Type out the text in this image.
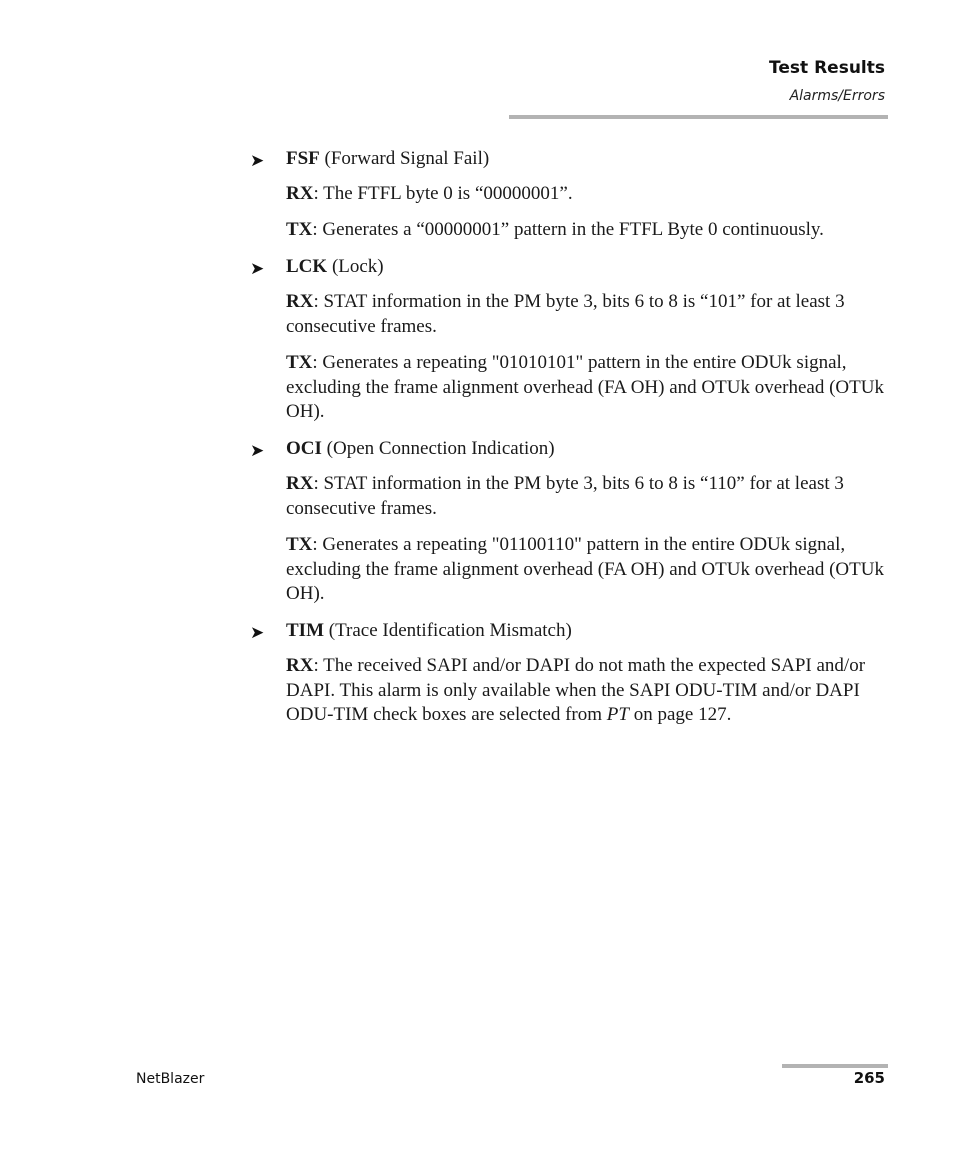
Test Results
Alarms/Errors
➤ FSF (Forward Signal Fail)
RX: The FTFL byte 0 is “00000001”.
TX: Generates a “00000001” pattern in the FTFL Byte 0 continuously.
➤ LCK (Lock)
RX: STAT information in the PM byte 3, bits 6 to 8 is “101” for at least 3 consecutive frames.
TX: Generates a repeating "01010101" pattern in the entire ODUk signal, excluding the frame alignment overhead (FA OH) and OTUk overhead (OTUk OH).
➤ OCI (Open Connection Indication)
RX: STAT information in the PM byte 3, bits 6 to 8 is “110” for at least 3 consecutive frames.
TX: Generates a repeating "01100110" pattern in the entire ODUk signal, excluding the frame alignment overhead (FA OH) and OTUk overhead (OTUk OH).
➤ TIM (Trace Identification Mismatch)
RX: The received SAPI and/or DAPI do not math the expected SAPI and/or DAPI. This alarm is only available when the SAPI ODU-TIM and/or DAPI ODU-TIM check boxes are selected from PT on page 127.
NetBlazer	265
